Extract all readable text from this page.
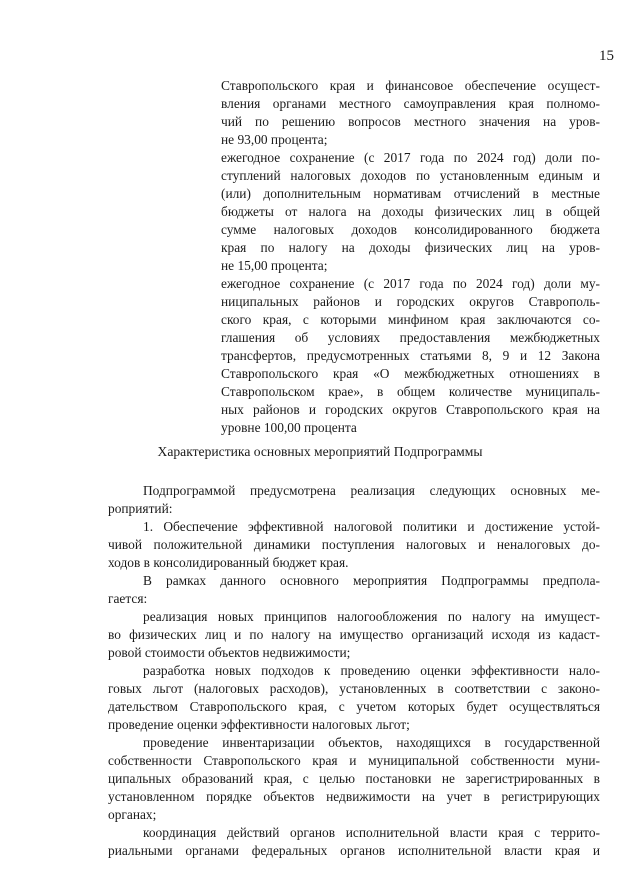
15
Ставропольского края и финансовое обеспечение осущест-
вления органами местного самоуправления края полномо-
чий по решению вопросов местного значения на уров-
не 93,00 процента;
ежегодное сохранение (с 2017 года по 2024 год) доли по-
ступлений налоговых доходов по установленным единым и
(или) дополнительным нормативам отчислений в местные
бюджеты от налога на доходы физических лиц в общей
сумме налоговых доходов консолидированного бюджета
края по налогу на доходы физических лиц на уров-
не 15,00 процента;
ежегодное сохранение (с 2017 года по 2024 год) доли му-
ниципальных районов и городских округов Ставрополь-
ского края, с которыми минфином края заключаются со-
глашения об условиях предоставления межбюджетных
трансфертов, предусмотренных статьями 8, 9 и 12 Закона
Ставропольского края «О межбюджетных отношениях в
Ставропольском крае», в общем количестве муниципаль-
ных районов и городских округов Ставропольского края на
уровне 100,00 процента
Характеристика основных мероприятий Подпрограммы
Подпрограммой предусмотрена реализация следующих основных ме-
роприятий:
1. Обеспечение эффективной налоговой политики и достижение устой-
чивой положительной динамики поступления налоговых и неналоговых до-
ходов в консолидированный бюджет края.
В рамках данного основного мероприятия Подпрограммы предпола-
гается:
реализация новых принципов налогообложения по налогу на имущест-
во физических лиц и по налогу на имущество организаций исходя из кадаст-
ровой стоимости объектов недвижимости;
разработка новых подходов к проведению оценки эффективности нало-
говых льгот (налоговых расходов), установленных в соответствии с законо-
дательством Ставропольского края, с учетом которых будет осуществляться
проведение оценки эффективности налоговых льгот;
проведение инвентаризации объектов, находящихся в государственной
собственности Ставропольского края и муниципальной собственности муни-
ципальных образований края, с целью постановки не зарегистрированных в
установленном порядке объектов недвижимости на учет в регистрирующих
органах;
координация действий органов исполнительной власти края с террито-
риальными органами федеральных органов исполнительной власти края и
